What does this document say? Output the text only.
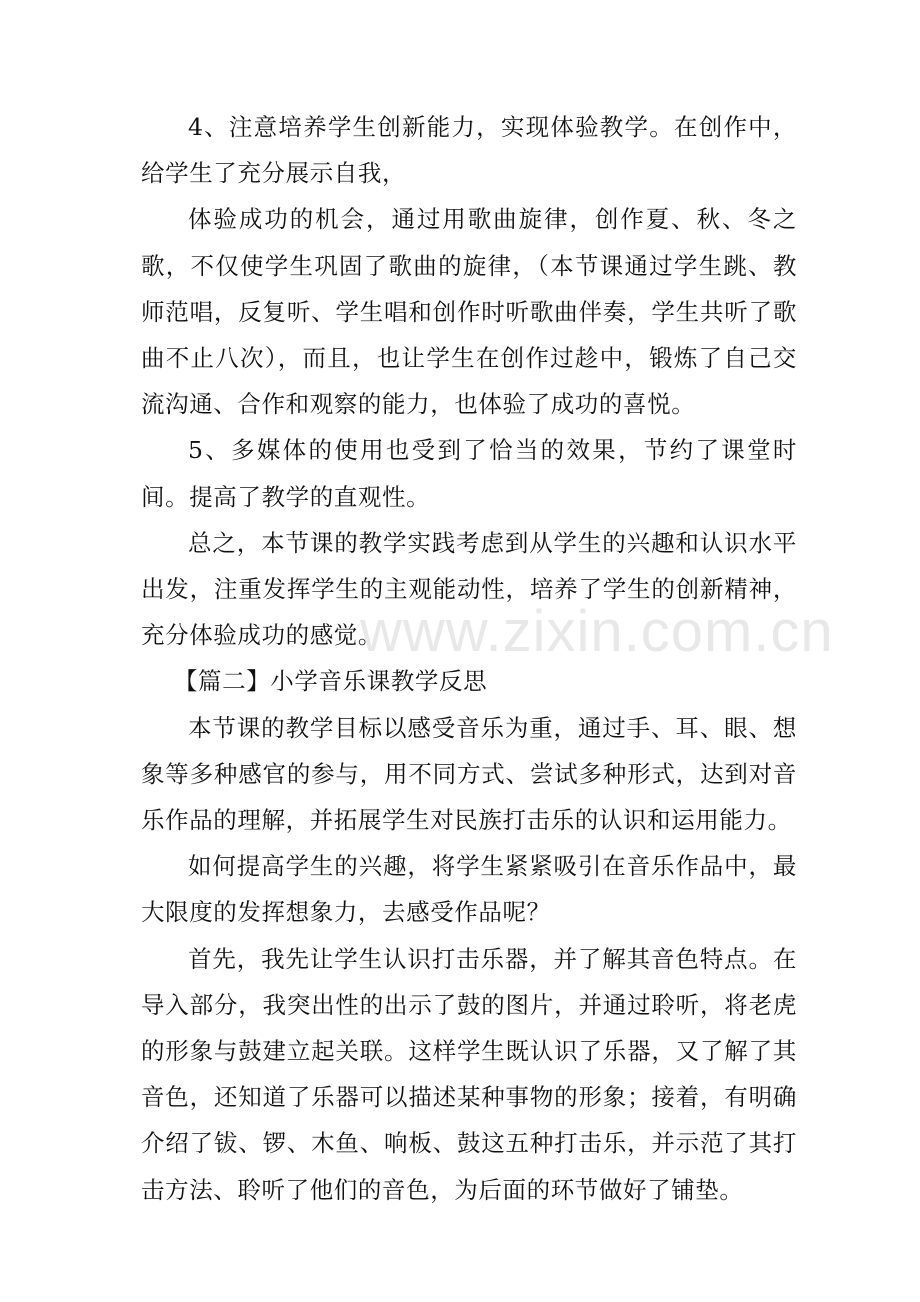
4、注意培养学生创新能力，实现体验教学。在创作中，给学生了充分展示自我，

体验成功的机会，通过用歌曲旋律，创作夏、秋、冬之歌，不仅使学生巩固了歌曲的旋律，（本节课通过学生跳、教师范唱，反复听、学生唱和创作时听歌曲伴奏，学生共听了歌曲不止八次），而且，也让学生在创作过趁中，锻炼了自己交流沟通、合作和观察的能力，也体验了成功的喜悦。

5、多媒体的使用也受到了恰当的效果，节约了课堂时间。提高了教学的直观性。

总之，本节课的教学实践考虑到从学生的兴趣和认识水平出发，注重发挥学生的主观能动性，培养了学生的创新精神，充分体验成功的感觉。

【篇二】小学音乐课教学反思

本节课的教学目标以感受音乐为重，通过手、耳、眼、想象等多种感官的参与，用不同方式、尝试多种形式，达到对音乐作品的理解，并拓展学生对民族打击乐的认识和运用能力。

如何提高学生的兴趣，将学生紧紧吸引在音乐作品中，最大限度的发挥想象力，去感受作品呢？

首先，我先让学生认识打击乐器，并了解其音色特点。在导入部分，我突出性的出示了鼓的图片，并通过聆听，将老虎的形象与鼓建立起关联。这样学生既认识了乐器，又了解了其音色，还知道了乐器可以描述某种事物的形象；接着，有明确介绍了钹、锣、木鱼、响板、鼓这五种打击乐，并示范了其打击方法、聆听了他们的音色，为后面的环节做好了铺垫。

www.zixin.com.cn
